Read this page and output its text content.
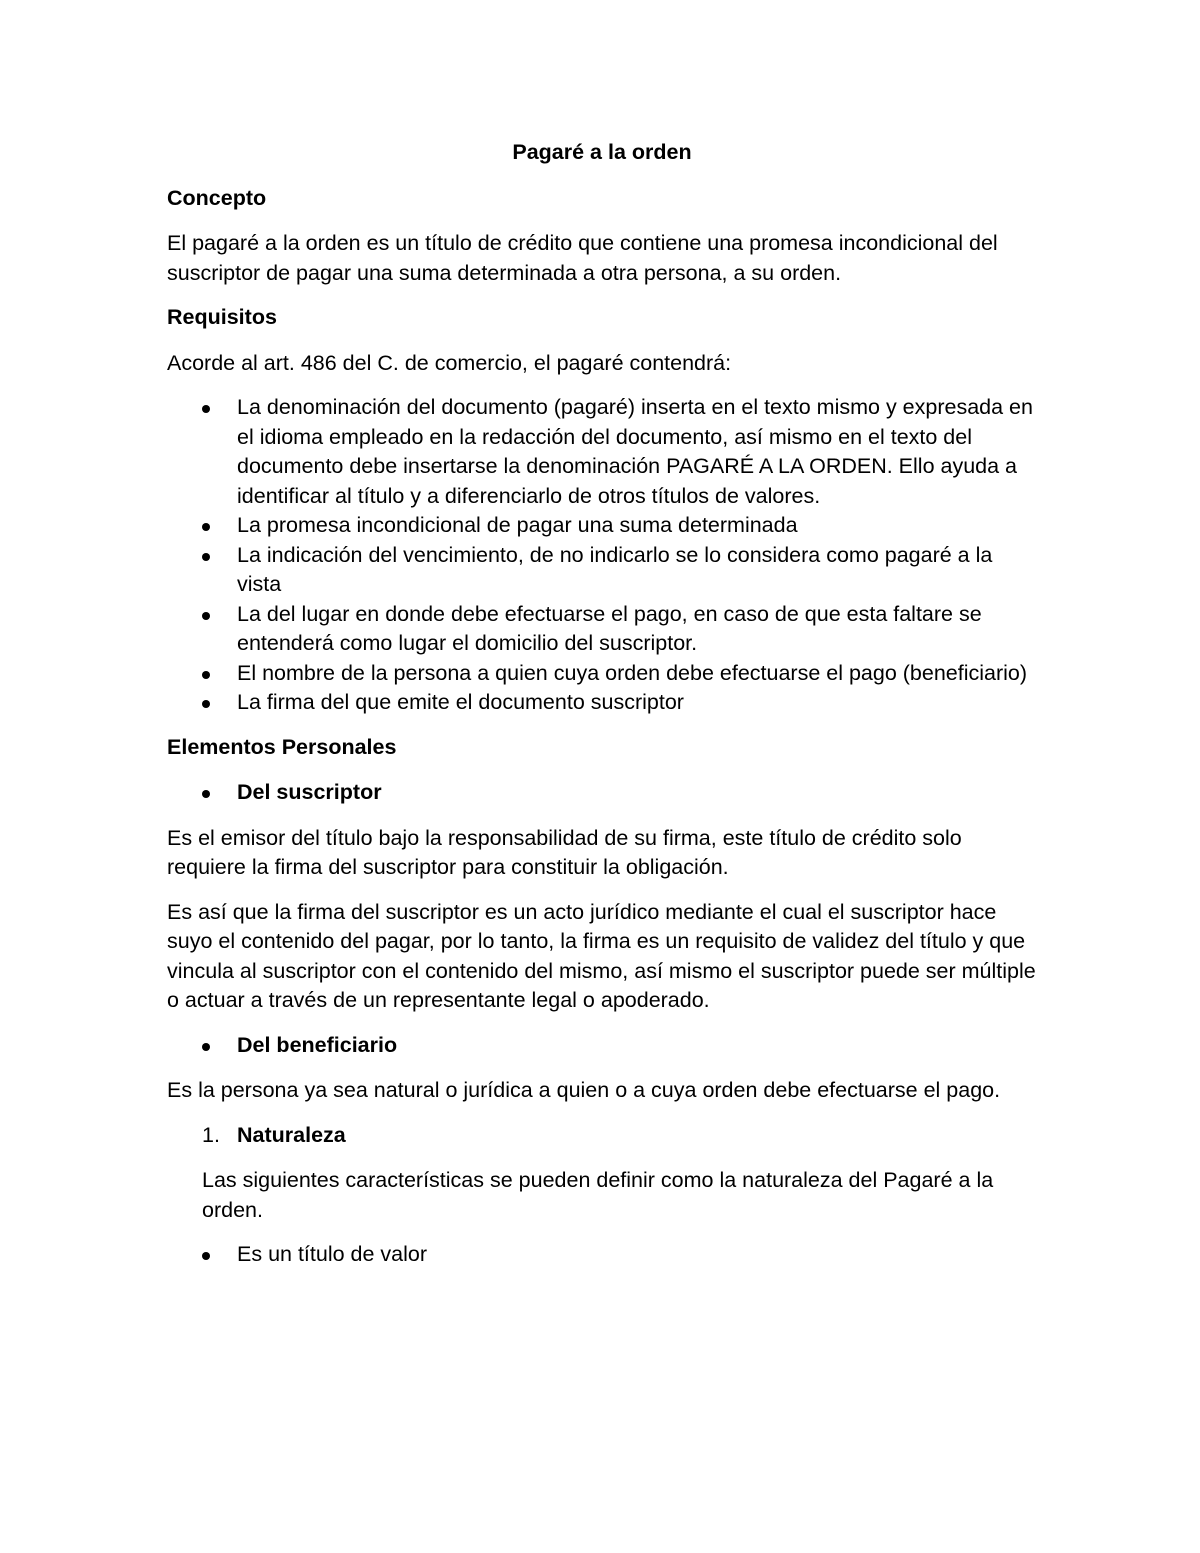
Pagaré a la orden
Concepto

El pagaré a la orden es un título de crédito que contiene una promesa incondicional del suscriptor de pagar una suma determinada a otra persona, a su orden.

Requisitos

Acorde al art. 486 del C. de comercio, el pagaré contendrá:

La denominación del documento (pagaré) inserta en el texto mismo y expresada en el idioma empleado en la redacción del documento, así mismo en el texto del documento debe insertarse la denominación PAGARÉ A LA ORDEN. Ello ayuda a identificar al título y a diferenciarlo de otros títulos de valores.
La promesa incondicional de pagar una suma determinada
La indicación del vencimiento, de no indicarlo se lo considera como pagaré a la vista
La del lugar en donde debe efectuarse el pago, en caso de que esta faltare se entenderá como lugar el domicilio del suscriptor.
El nombre de la persona a quien cuya orden debe efectuarse el pago (beneficiario)
La firma del que emite el documento suscriptor
Elementos Personales
Del suscriptor

Es el emisor del título bajo la responsabilidad de su firma, este título de crédito solo requiere la firma del suscriptor para constituir la obligación.

Es así que la firma del suscriptor es un acto jurídico mediante el cual el suscriptor hace suyo el contenido del pagar, por lo tanto, la firma es un requisito de validez del título y que vincula al suscriptor con el contenido del mismo, así mismo el suscriptor puede ser múltiple o actuar a través de un representante legal o apoderado.

Del beneficiario

Es la persona ya sea natural o jurídica a quien o a cuya orden debe efectuarse el pago.

1. Naturaleza

Las siguientes características se pueden definir como la naturaleza del Pagaré a la orden.

Es un título de valor
